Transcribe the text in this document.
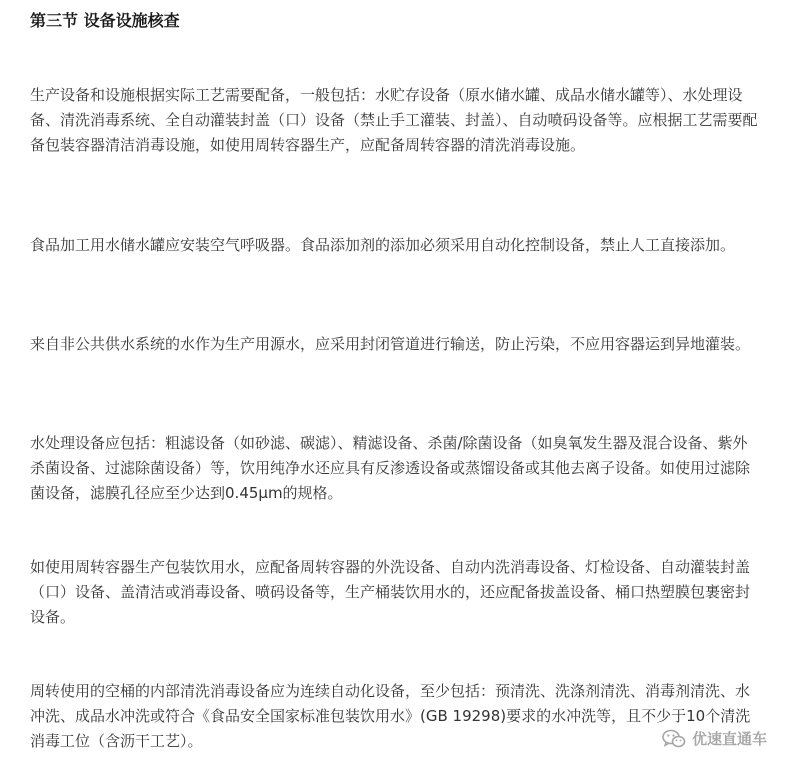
第三节 设备设施核查

生产设备和设施根据实际工艺需要配备，一般包括：水贮存设备（原水储水罐、成品水储水罐等）、水处理设备、清洗消毒系统、全自动灌装封盖（口）设备（禁止手工灌装、封盖）、自动喷码设备等。应根据工艺需要配备包装容器清洁消毒设施，如使用周转容器生产，应配备周转容器的清洗消毒设施。

食品加工用水储水罐应安装空气呼吸器。食品添加剂的添加必须采用自动化控制设备，禁止人工直接添加。

来自非公共供水系统的水作为生产用源水，应采用封闭管道进行输送，防止污染，不应用容器运到异地灌装。

水处理设备应包括：粗滤设备（如砂滤、碳滤）、精滤设备、杀菌/除菌设备（如臭氧发生器及混合设备、紫外杀菌设备、过滤除菌设备）等，饮用纯净水还应具有反渗透设备或蒸馏设备或其他去离子设备。如使用过滤除菌设备，滤膜孔径应至少达到0.45μm的规格。

如使用周转容器生产包装饮用水，应配备周转容器的外洗设备、自动内洗消毒设备、灯检设备、自动灌装封盖（口）设备、盖清洁或消毒设备、喷码设备等，生产桶装饮用水的，还应配备拔盖设备、桶口热塑膜包裹密封设备。

周转使用的空桶的内部清洗消毒设备应为连续自动化设备，至少包括：预清洗、洗涤剂清洗、消毒剂清洗、水冲洗、成品水冲洗或符合《食品安全国家标准包装饮用水》(GB 19298)要求的水冲洗等，且不少于10个清洗消毒工位（含沥干工艺）。	优速直通车
